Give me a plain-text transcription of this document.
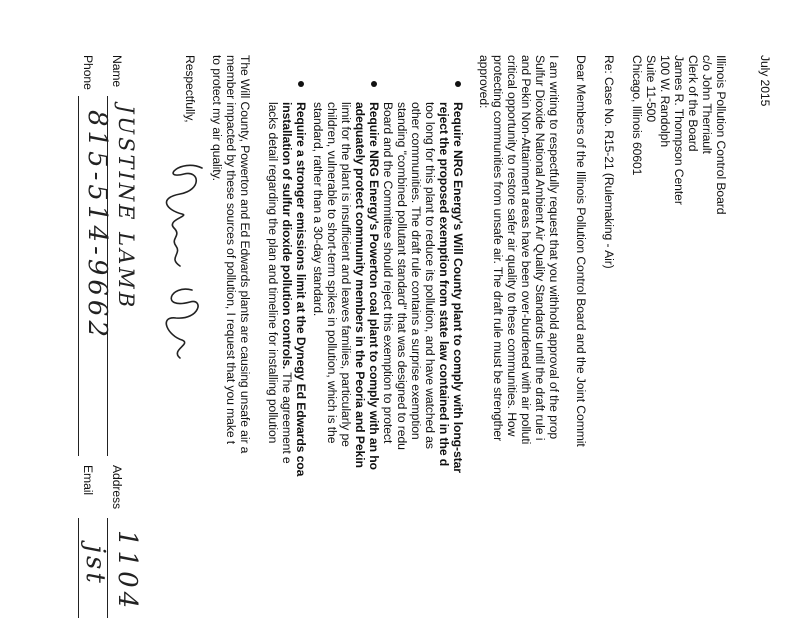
July 2015
Illinois Pollution Control Board
c/o John Therriault
Clerk of the Board
James R. Thompson Center
100 W. Randolph
Suite 11-500
Chicago, Illinois 60601
Re: Case No. R15-21 (Rulemaking - Air)
Dear Members of the Illinois Pollution Control Board and the Joint Commit
I am writing to respectfully request that you withhold approval of the prop
Sulfur Dioxide National Ambient Air Quality Standards until the draft rule i
and Pekin Non-Attainment areas have been over-burdened with air polluti
critical opportunity to restore safer air quality to these communities. How
protecting communities from unsafe air. The draft rule must be strengther
approved:
Require NRG Energy's Will County plant to comply with long-star
reject the proposed exemption from state law contained in the d
too long for this plant to reduce its pollution, and have watched as
other communities. The draft rule contains a surprise exemption
standing "combined pollutant standard" that was designed to redu
Board and the Committee should reject this exemption to protect
Require NRG Energy's Powerton coal plant to comply with an ho
adequately protect community members in the Peoria and Pekin
limit for the plant is insufficient and leaves families, particularly pe
children, vulnerable to short-term spikes in pollution, which is the
standard, rather than a 30-day standard.
Require a stronger emissions limit at the Dynegy Ed Edwards coa
installation of sulfur dioxide pollution controls. The agreement e
lacks detail regarding the plan and timeline for installing pollution
The Will County, Powerton and Ed Edwards plants are causing unsafe air a
member impacted by these sources of pollution, I request that you make t
to protect my air quality.
Respectfully,
Name
JUSTINE LAMB
Address
1104
Phone
815-514-9662
Email
jst
